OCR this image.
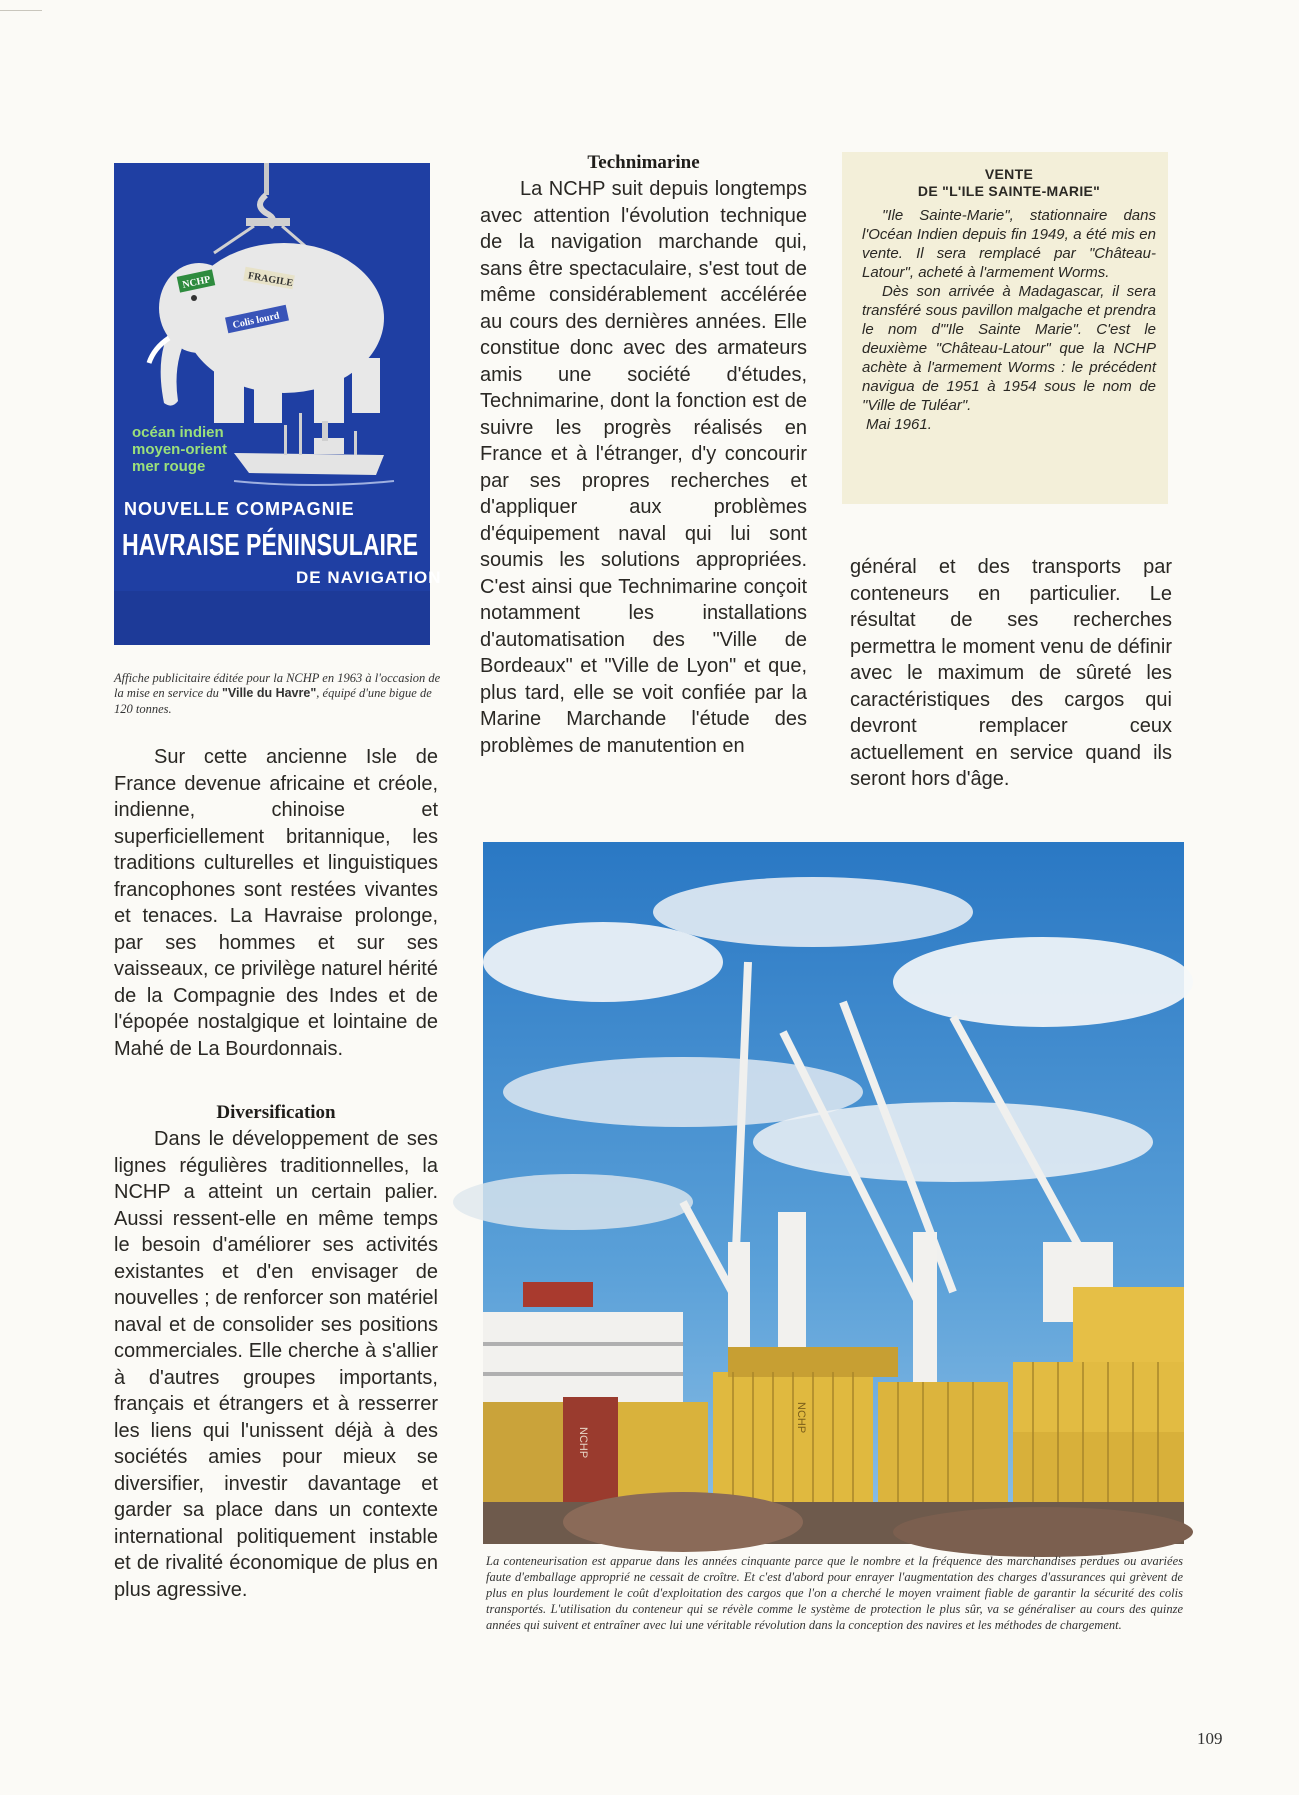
NCHP	FRAGILE
Colis lourd
océan indien
moyen-orient
mer rouge
NOUVELLE COMPAGNIE
HAVRAISE PÉNINSULAIRE
DE NAVIGATION

Affiche publicitaire éditée pour la NCHP en 1963 à l'occasion de la mise en service du "Ville du Havre", équipé d'une bigue de 120 tonnes.

Sur cette ancienne Isle de France devenue africaine et créole, indienne, chinoise et superficiellement britannique, les traditions culturelles et linguistiques francophones sont restées vivantes et tenaces. La Havraise prolonge, par ses hommes et sur ses vaisseaux, ce privilège naturel hérité de la Compagnie des Indes et de l'épopée nostalgique et lointaine de Mahé de La Bourdonnais.

Diversification

Dans le développement de ses lignes régulières traditionnelles, la NCHP a atteint un certain palier. Aussi ressent-elle en même temps le besoin d'améliorer ses activités existantes et d'en envisager de nouvelles ; de renforcer son matériel naval et de consolider ses positions commerciales. Elle cherche à s'allier à d'autres groupes importants, français et étrangers et à resserrer les liens qui l'unissent déjà à des sociétés amies pour mieux se diversifier, investir davantage et garder sa place dans un contexte international politiquement instable et de rivalité économique de plus en plus agressive.

Technimarine

La NCHP suit depuis longtemps avec attention l'évolution technique de la navigation marchande qui, sans être spectaculaire, s'est tout de même considérablement accélérée au cours des dernières années. Elle constitue donc avec des armateurs amis une société d'études, Technimarine, dont la fonction est de suivre les progrès réalisés en France et à l'étranger, d'y concourir par ses propres recherches et d'appliquer aux problèmes d'équipement naval qui lui sont soumis les solutions appropriées. C'est ainsi que Technimarine conçoit notamment les installations d'automatisation des "Ville de Bordeaux" et "Ville de Lyon" et que, plus tard, elle se voit confiée par la Marine Marchande l'étude des problèmes de manutention en

VENTE
DE "L'ILE SAINTE-MARIE"

"Ile Sainte-Marie", stationnaire dans l'Océan Indien depuis fin 1949, a été mis en vente. Il sera remplacé par "Château-Latour", acheté à l'armement Worms.

Dès son arrivée à Madagascar, il sera transféré sous pavillon malgache et prendra le nom d'"Ile Sainte Marie". C'est le deuxième "Château-Latour" que la NCHP achète à l'armement Worms : le précédent navigua de 1951 à 1954 sous le nom de "Ville de Tuléar".

Mai 1961.

général et des transports par conteneurs en particulier. Le résultat de ses recherches permettra le moment venu de définir avec le maximum de sûreté les caractéristiques des cargos qui devront remplacer ceux actuellement en service quand ils seront hors d'âge.

NCHP
NCHP

La conteneurisation est apparue dans les années cinquante parce que le nombre et la fréquence des marchandises perdues ou avariées faute d'emballage approprié ne cessait de croître. Et c'est d'abord pour enrayer l'augmentation des charges d'assurances qui grèvent de plus en plus lourdement le coût d'exploitation des cargos que l'on a cherché le moyen vraiment fiable de garantir la sécurité des colis transportés. L'utilisation du conteneur qui se révèle comme le système de protection le plus sûr, va se généraliser au cours des quinze années qui suivent et entraîner avec lui une véritable révolution dans la conception des navires et les méthodes de chargement.

109
